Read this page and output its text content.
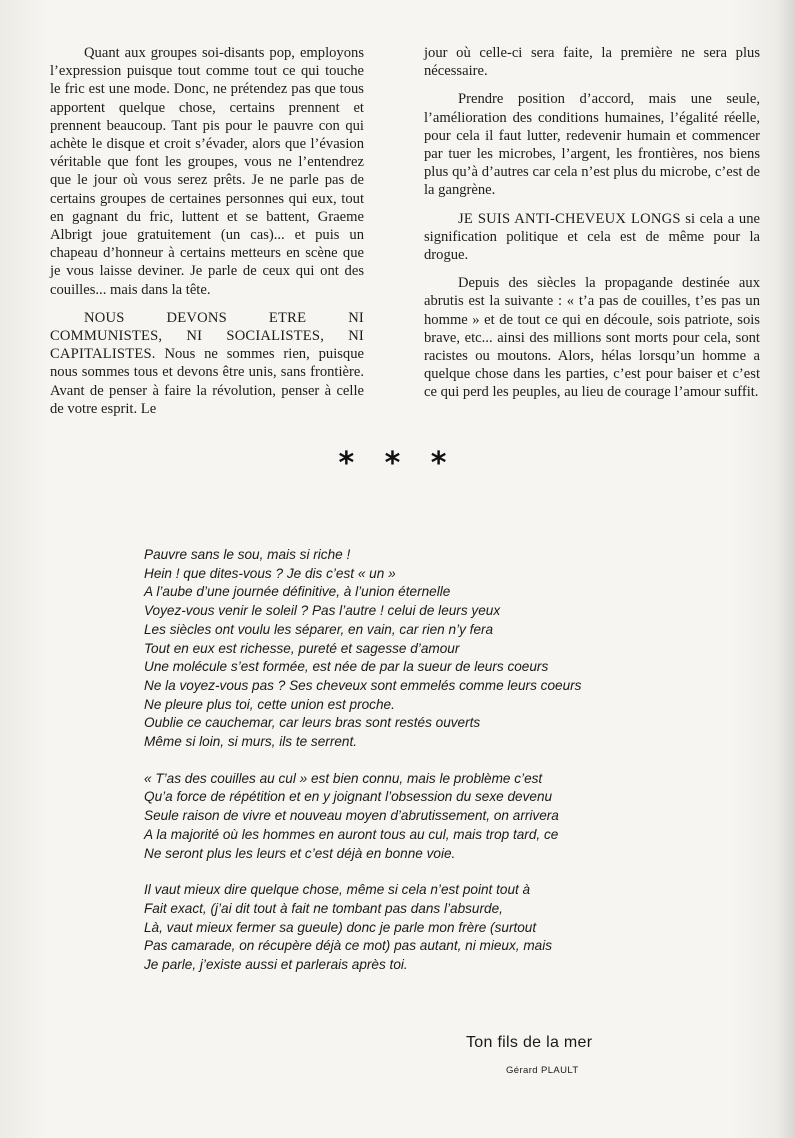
Quant aux groupes soi-disants pop, employons l’expression puisque tout comme tout ce qui touche le fric est une mode. Donc, ne prétendez pas que tous apportent quelque chose, certains prennent et prennent beaucoup. Tant pis pour le pauvre con qui achète le disque et croit s’évader, alors que l’évasion véritable que font les groupes, vous ne l’entendrez que le jour où vous serez prêts. Je ne parle pas de certains groupes de certaines personnes qui eux, tout en gagnant du fric, luttent et se battent, Graeme Albrigt joue gratuitement (un cas)... et puis un chapeau d’honneur à certains metteurs en scène que je vous laisse deviner. Je parle de ceux qui ont des couilles... mais dans la tête.

NOUS DEVONS ETRE NI COMMUNISTES, NI SOCIALISTES, NI CAPITALISTES. Nous ne sommes rien, puisque nous sommes tous et devons être unis, sans frontière. Avant de penser à faire la révolution, penser à celle de votre esprit. Le

jour où celle-ci sera faite, la première ne sera plus nécessaire.

Prendre position d’accord, mais une seule, l’amélioration des conditions humaines, l’égalité réelle, pour cela il faut lutter, redevenir humain et commencer par tuer les microbes, l’argent, les frontières, nos biens plus qu’à d’autres car cela n’est plus du microbe, c’est de la gangrène.

JE SUIS ANTI-CHEVEUX LONGS si cela a une signification politique et cela est de même pour la drogue.

Depuis des siècles la propagande destinée aux abrutis est la suivante : « t’a pas de couilles, t’es pas un homme » et de tout ce qui en découle, sois patriote, sois brave, etc... ainsi des millions sont morts pour cela, sont racistes ou moutons. Alors, hélas lorsqu’un homme a quelque chose dans les parties, c’est pour baiser et c’est ce qui perd les peuples, au lieu de courage l’amour suffit.

* * *
Pauvre sans le sou, mais si riche !
Hein ! que dites-vous ? Je dis c’est « un »
A l’aube d’une journée définitive, à l’union éternelle
Voyez-vous venir le soleil ? Pas l’autre ! celui de leurs yeux
Les siècles ont voulu les séparer, en vain, car rien n’y fera
Tout en eux est richesse, pureté et sagesse d’amour
Une molécule s’est formée, est née de par la sueur de leurs coeurs
Ne la voyez-vous pas ? Ses cheveux sont emmelés comme leurs coeurs
Ne pleure plus toi, cette union est proche.
Oublie ce cauchemar, car leurs bras sont restés ouverts
Même si loin, si murs, ils te serrent.
« T’as des couilles au cul » est bien connu, mais le problème c’est
Qu’a force de répétition et en y joignant l’obsession du sexe devenu
Seule raison de vivre et nouveau moyen d’abrutissement, on arrivera
A la majorité où les hommes en auront tous au cul, mais trop tard, ce
Ne seront plus les leurs et c’est déjà en bonne voie.
Il vaut mieux dire quelque chose, même si cela n’est point tout à
Fait exact, (j’ai dit tout à fait ne tombant pas dans l’absurde,
Là, vaut mieux fermer sa gueule) donc je parle mon frère (surtout
Pas camarade, on récupère déjà ce mot) pas autant, ni mieux, mais
Je parle, j’existe aussi et parlerais après toi.
Ton fils de la mer
Gérard PLAULT
